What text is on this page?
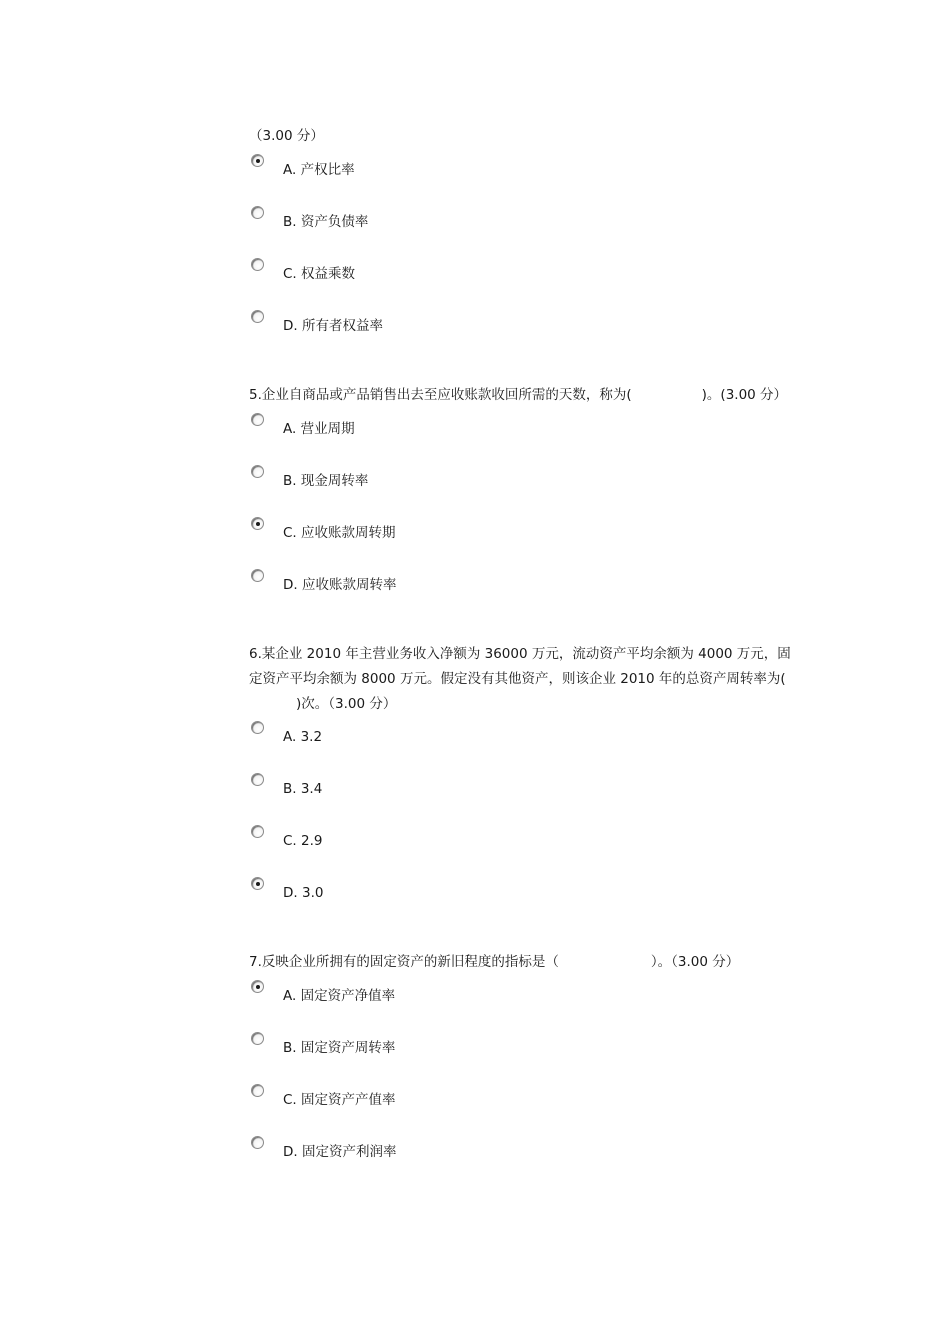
（3.00 分）
A. 产权比率
B. 资产负债率
C. 权益乘数
D. 所有者权益率
5.企业自商品或产品销售出去至应收账款收回所需的天数，称为(	)。(3.00 分）
A. 营业周期
B. 现金周转率
C. 应收账款周转期
D. 应收账款周转率
6.某企业 2010 年主营业务收入净额为 36000 万元，流动资产平均余额为 4000 万元，固
定资产平均余额为 8000 万元。假定没有其他资产，则该企业 2010 年的总资产周转率为(
)次。（3.00 分）
A. 3.2
B. 3.4
C. 2.9
D. 3.0
7.反映企业所拥有的固定资产的新旧程度的指标是（	）。（3.00 分）
A. 固定资产净值率
B. 固定资产周转率
C. 固定资产产值率
D. 固定资产利润率
